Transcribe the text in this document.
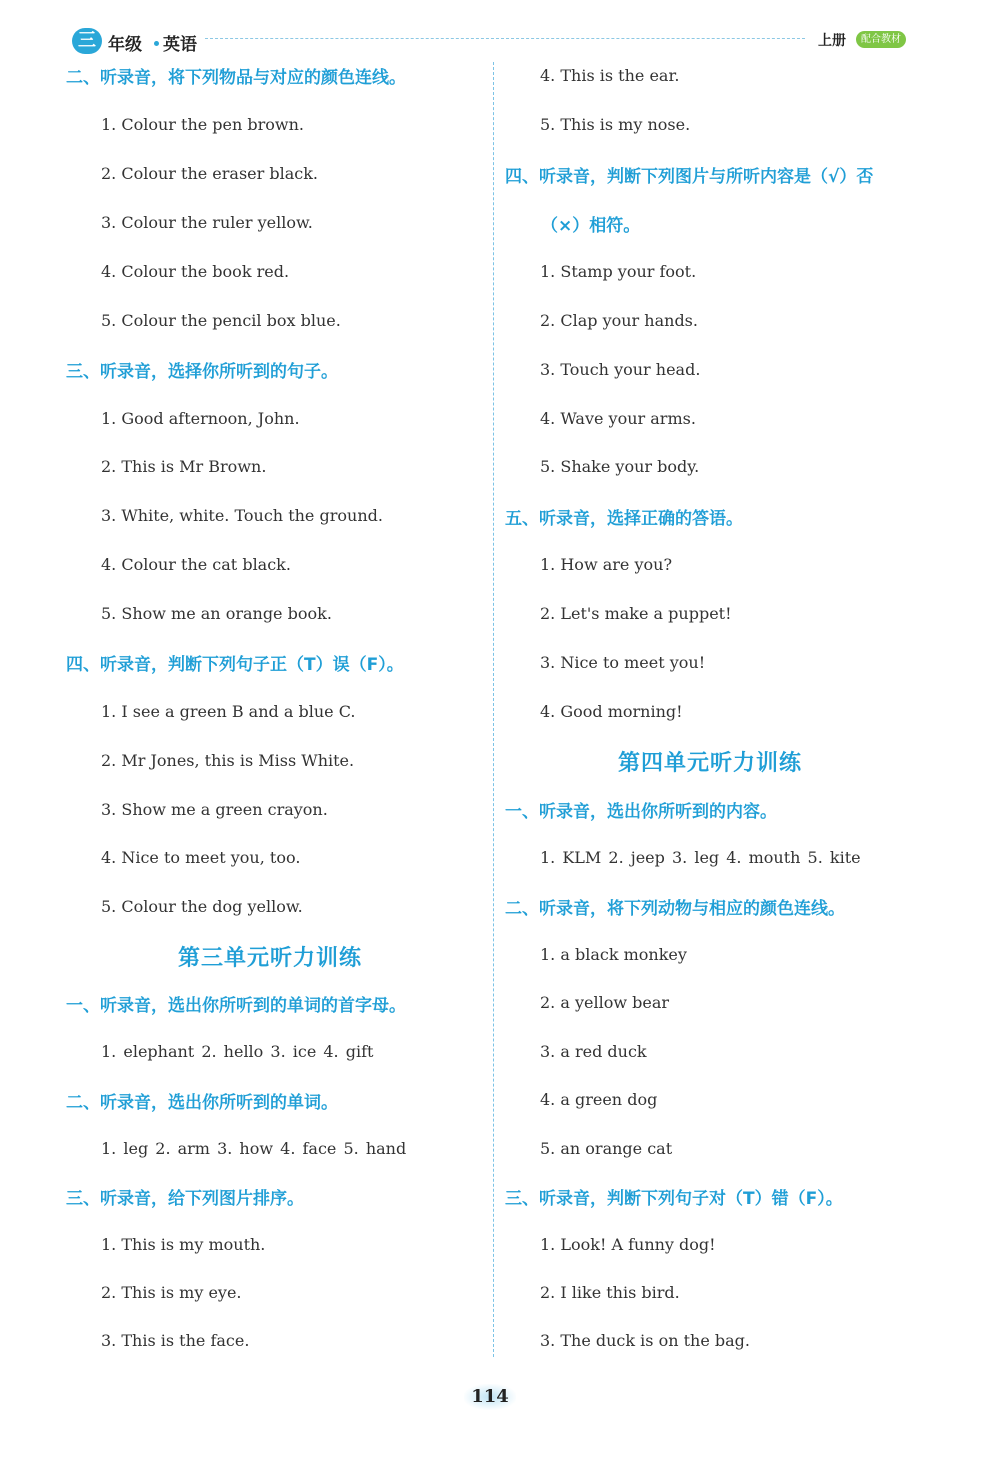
三 年级 英语	上册	配合教材
二、听录音，将下列物品与对应的颜色连线。
1. Colour the pen brown.
2. Colour the eraser black.
3. Colour the ruler yellow.
4. Colour the book red.
5. Colour the pencil box blue.
三、听录音，选择你所听到的句子。
1. Good afternoon, John.
2. This is Mr Brown.
3. White, white. Touch the ground.
4. Colour the cat black.
5. Show me an orange book.
四、听录音，判断下列句子正（T）误（F）。
1. I see a green B and a blue C.
2. Mr Jones, this is Miss White.
3. Show me a green crayon.
4. Nice to meet you, too.
5. Colour the dog yellow.
第三单元听力训练
一、听录音，选出你所听到的单词的首字母。
1. elephant 2. hello 3. ice 4. gift
二、听录音，选出你所听到的单词。
1. leg 2. arm 3. how 4. face 5. hand
三、听录音，给下列图片排序。
1. This is my mouth.
2. This is my eye.
3. This is the face.
4. This is the ear.
5. This is my nose.
四、听录音，判断下列图片与所听内容是（√）否
（×）相符。
1. Stamp your foot.
2. Clap your hands.
3. Touch your head.
4. Wave your arms.
5. Shake your body.
五、听录音，选择正确的答语。
1. How are you?
2. Let's make a puppet!
3. Nice to meet you!
4. Good morning!
第四单元听力训练
一、听录音，选出你所听到的内容。
1. KLM 2. jeep 3. leg 4. mouth 5. kite
二、听录音，将下列动物与相应的颜色连线。
1. a black monkey
2. a yellow bear
3. a red duck
4. a green dog
5. an orange cat
三、听录音，判断下列句子对（T）错（F）。
1. Look! A funny dog!
2. I like this bird.
3. The duck is on the bag.
114
